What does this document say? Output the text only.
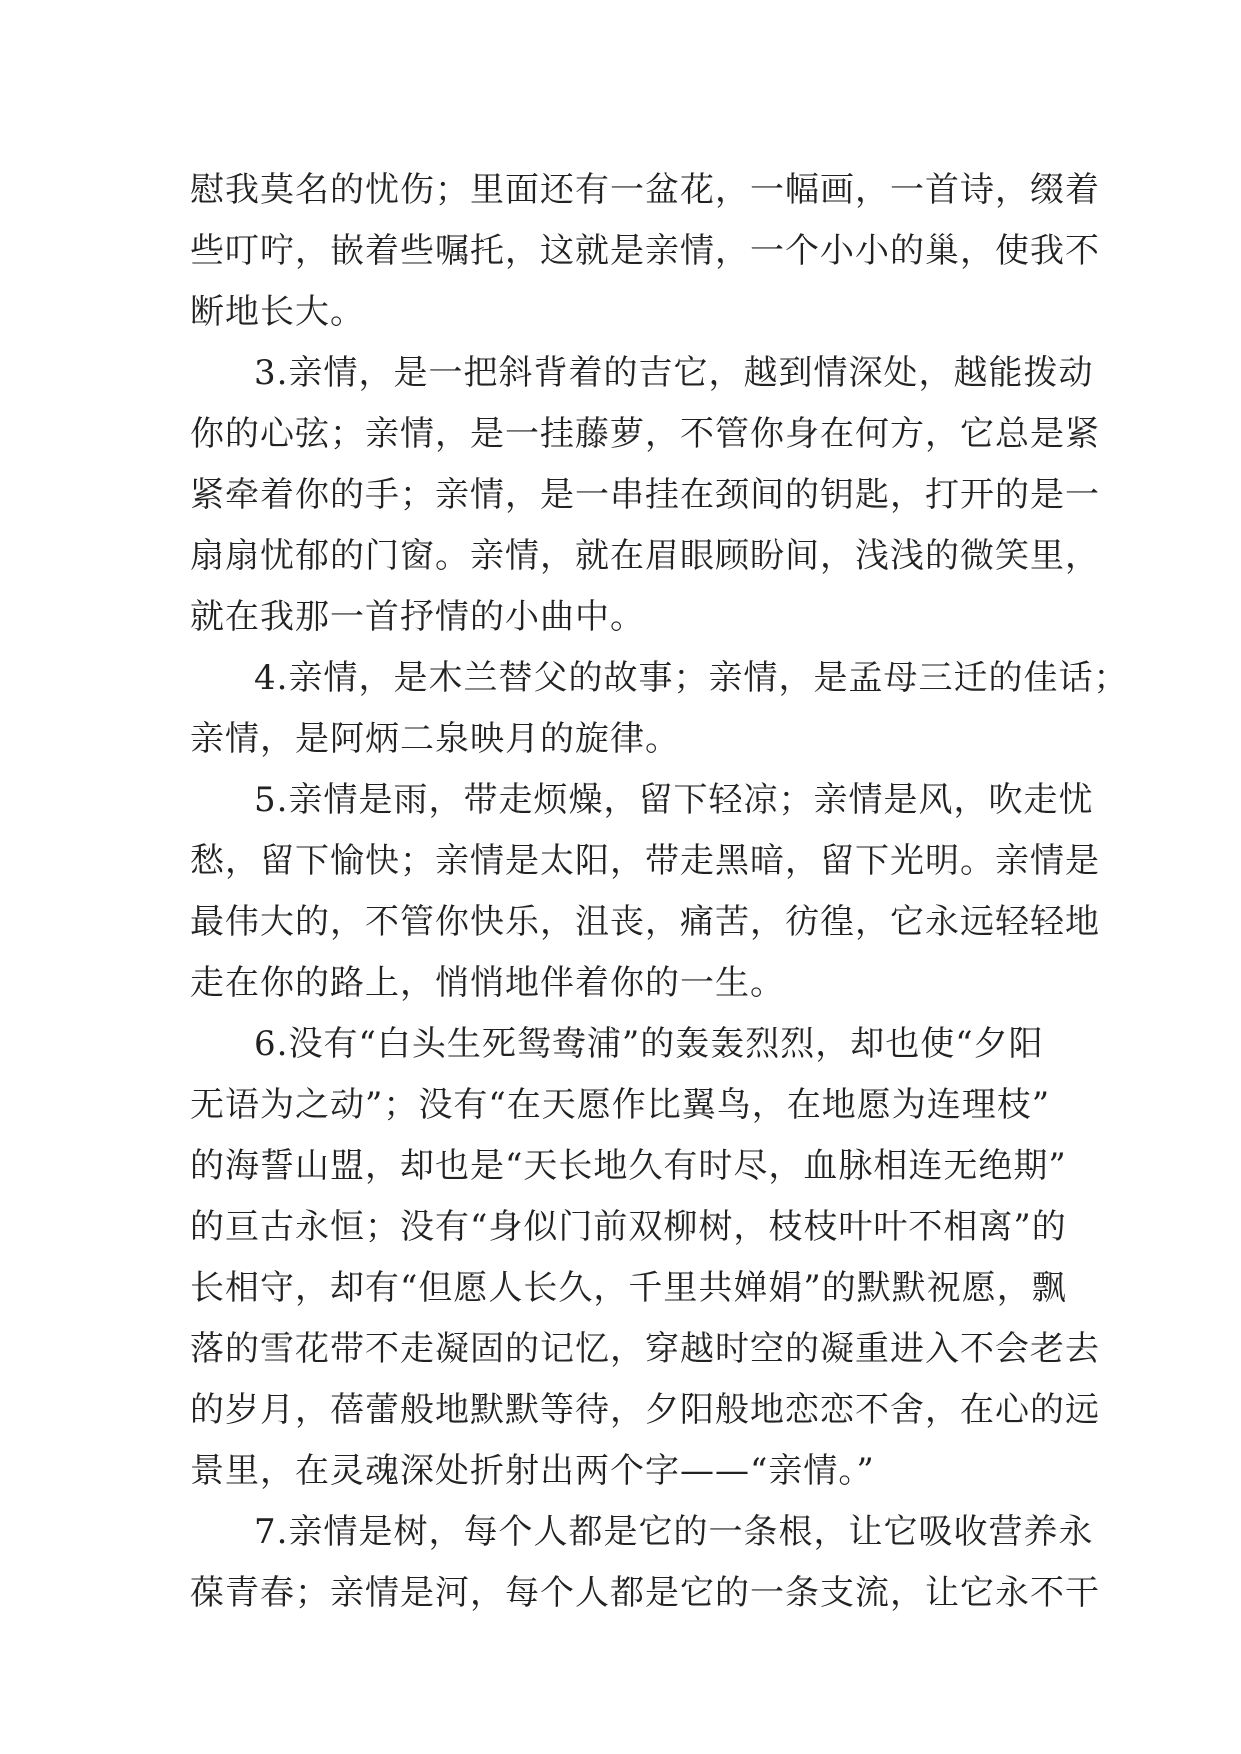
慰我莫名的忧伤；里面还有一盆花，一幅画，一首诗，缀着
些叮咛，嵌着些嘱托，这就是亲情，一个小小的巢，使我不
断地长大。
3.亲情，是一把斜背着的吉它，越到情深处，越能拨动
你的心弦；亲情，是一挂藤萝，不管你身在何方，它总是紧
紧牵着你的手；亲情，是一串挂在颈间的钥匙，打开的是一
扇扇忧郁的门窗。亲情，就在眉眼顾盼间，浅浅的微笑里，
就在我那一首抒情的小曲中。
4.亲情，是木兰替父的故事；亲情，是孟母三迁的佳话；
亲情，是阿炳二泉映月的旋律。
5.亲情是雨，带走烦燥，留下轻凉；亲情是风，吹走忧
愁，留下愉快；亲情是太阳，带走黑暗，留下光明。亲情是
最伟大的，不管你快乐，沮丧，痛苦，彷徨，它永远轻轻地
走在你的路上，悄悄地伴着你的一生。
6.没有“白头生死鸳鸯浦”的轰轰烈烈，却也使“夕阳
无语为之动”；没有“在天愿作比翼鸟，在地愿为连理枝”
的海誓山盟，却也是“天长地久有时尽，血脉相连无绝期”
的亘古永恒；没有“身似门前双柳树，枝枝叶叶不相离”的
长相守，却有“但愿人长久，千里共婵娟”的默默祝愿，飘
落的雪花带不走凝固的记忆，穿越时空的凝重进入不会老去
的岁月，蓓蕾般地默默等待，夕阳般地恋恋不舍，在心的远
景里，在灵魂深处折射出两个字——“亲情。”
7.亲情是树，每个人都是它的一条根，让它吸收营养永
葆青春；亲情是河，每个人都是它的一条支流，让它永不干
